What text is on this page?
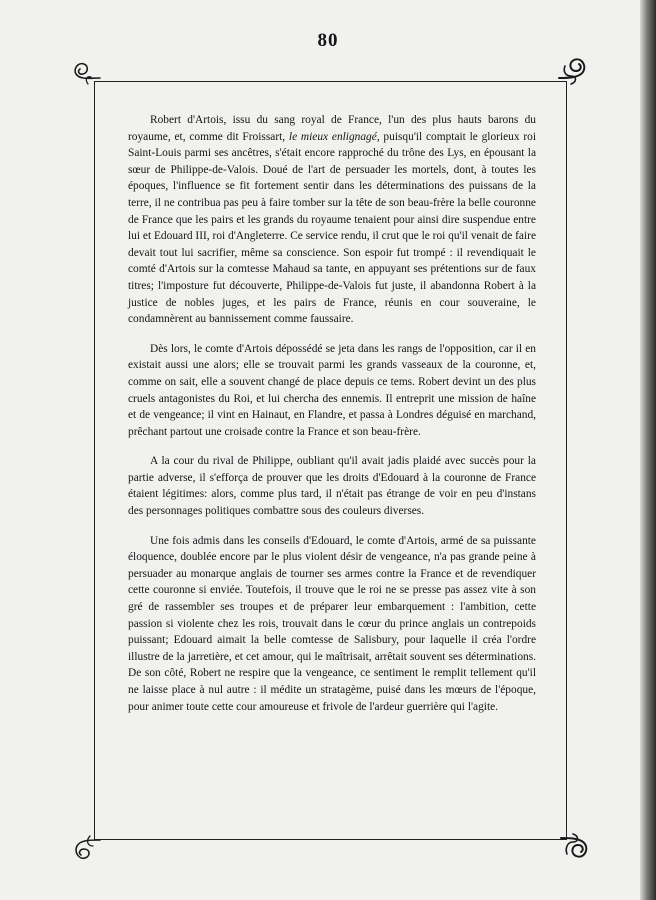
80

Robert d'Artois, issu du sang royal de France, l'un des plus hauts barons du royaume, et, comme dit Froissart, le mieux enlignagé, puisqu'il comptait le glorieux roi Saint-Louis parmi ses ancêtres, s'était encore rapproché du trône des Lys, en épousant la sœur de Philippe-de-Valois. Doué de l'art de persuader les mortels, dont, à toutes les époques, l'influence se fit fortement sentir dans les déterminations des puissans de la terre, il ne contribua pas peu à faire tomber sur la tête de son beau-frère la belle couronne de France que les pairs et les grands du royaume tenaient pour ainsi dire suspendue entre lui et Edouard III, roi d'Angleterre. Ce service rendu, il crut que le roi qu'il venait de faire devait tout lui sacrifier, même sa conscience. Son espoir fut trompé : il revendiquait le comté d'Artois sur la comtesse Mahaud sa tante, en appuyant ses prétentions sur de faux titres; l'imposture fut découverte, Philippe-de-Valois fut juste, il abandonna Robert à la justice de nobles juges, et les pairs de France, réunis en cour souveraine, le condamnèrent au bannissement comme faussaire.

Dès lors, le comte d'Artois dépossédé se jeta dans les rangs de l'opposition, car il en existait aussi une alors; elle se trouvait parmi les grands vasseaux de la couronne, et, comme on sait, elle a souvent changé de place depuis ce tems. Robert devint un des plus cruels antagonistes du Roi, et lui chercha des ennemis. Il entreprit une mission de haîne et de vengeance; il vint en Hainaut, en Flandre, et passa à Londres déguisé en marchand, prêchant partout une croisade contre la France et son beau-frère.

A la cour du rival de Philippe, oubliant qu'il avait jadis plaidé avec succès pour la partie adverse, il s'efforça de prouver que les droits d'Edouard à la couronne de France étaient légitimes: alors, comme plus tard, il n'était pas étrange de voir en peu d'instans des personnages politiques combattre sous des couleurs diverses.

Une fois admis dans les conseils d'Edouard, le comte d'Artois, armé de sa puissante éloquence, doublée encore par le plus violent désir de vengeance, n'a pas grande peine à persuader au monarque anglais de tourner ses armes contre la France et de revendiquer cette couronne si enviée. Toutefois, il trouve que le roi ne se presse pas assez vite à son gré de rassembler ses troupes et de préparer leur embarquement : l'ambition, cette passion si violente chez les rois, trouvait dans le cœur du prince anglais un contrepoids puissant; Edouard aimait la belle comtesse de Salisbury, pour laquelle il créa l'ordre illustre de la jarretière, et cet amour, qui le maîtrisait, arrêtait souvent ses déterminations. De son côté, Robert ne respire que la vengeance, ce sentiment le remplit tellement qu'il ne laisse place à nul autre : il médite un stratagème, puisé dans les mœurs de l'époque, pour animer toute cette cour amoureuse et frivole de l'ardeur guerrière qui l'agite.
